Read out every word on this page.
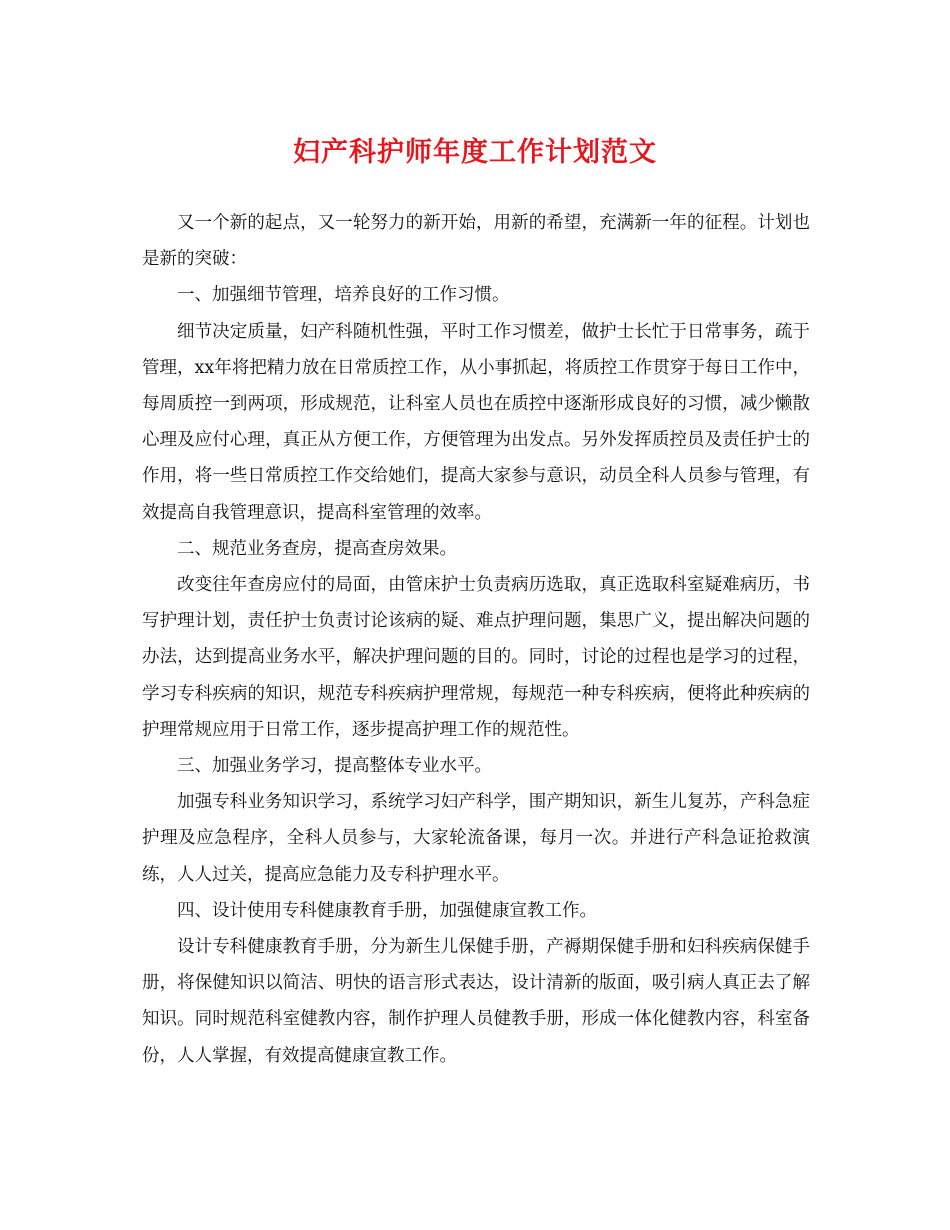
妇产科护师年度工作计划范文

又一个新的起点，又一轮努力的新开始，用新的希望，充满新一年的征程。计划也是新的突破：

一、加强细节管理，培养良好的工作习惯。

细节决定质量，妇产科随机性强，平时工作习惯差，做护士长忙于日常事务，疏于管理，xx年将把精力放在日常质控工作，从小事抓起，将质控工作贯穿于每日工作中，每周质控一到两项，形成规范，让科室人员也在质控中逐渐形成良好的习惯，减少懒散心理及应付心理，真正从方便工作，方便管理为出发点。另外发挥质控员及责任护士的作用，将一些日常质控工作交给她们，提高大家参与意识，动员全科人员参与管理，有效提高自我管理意识，提高科室管理的效率。

二、规范业务查房，提高查房效果。

改变往年查房应付的局面，由管床护士负责病历选取，真正选取科室疑难病历，书写护理计划，责任护士负责讨论该病的疑、难点护理问题，集思广义，提出解决问题的办法，达到提高业务水平，解决护理问题的目的。同时，讨论的过程也是学习的过程，学习专科疾病的知识，规范专科疾病护理常规，每规范一种专科疾病，便将此种疾病的护理常规应用于日常工作，逐步提高护理工作的规范性。

三、加强业务学习，提高整体专业水平。

加强专科业务知识学习，系统学习妇产科学，围产期知识，新生儿复苏，产科急症护理及应急程序，全科人员参与，大家轮流备课，每月一次。并进行产科急证抢救演练，人人过关，提高应急能力及专科护理水平。

四、设计使用专科健康教育手册，加强健康宣教工作。

设计专科健康教育手册，分为新生儿保健手册，产褥期保健手册和妇科疾病保健手册，将保健知识以简洁、明快的语言形式表达，设计清新的版面，吸引病人真正去了解知识。同时规范科室健教内容，制作护理人员健教手册，形成一体化健教内容，科室备份，人人掌握，有效提高健康宣教工作。
